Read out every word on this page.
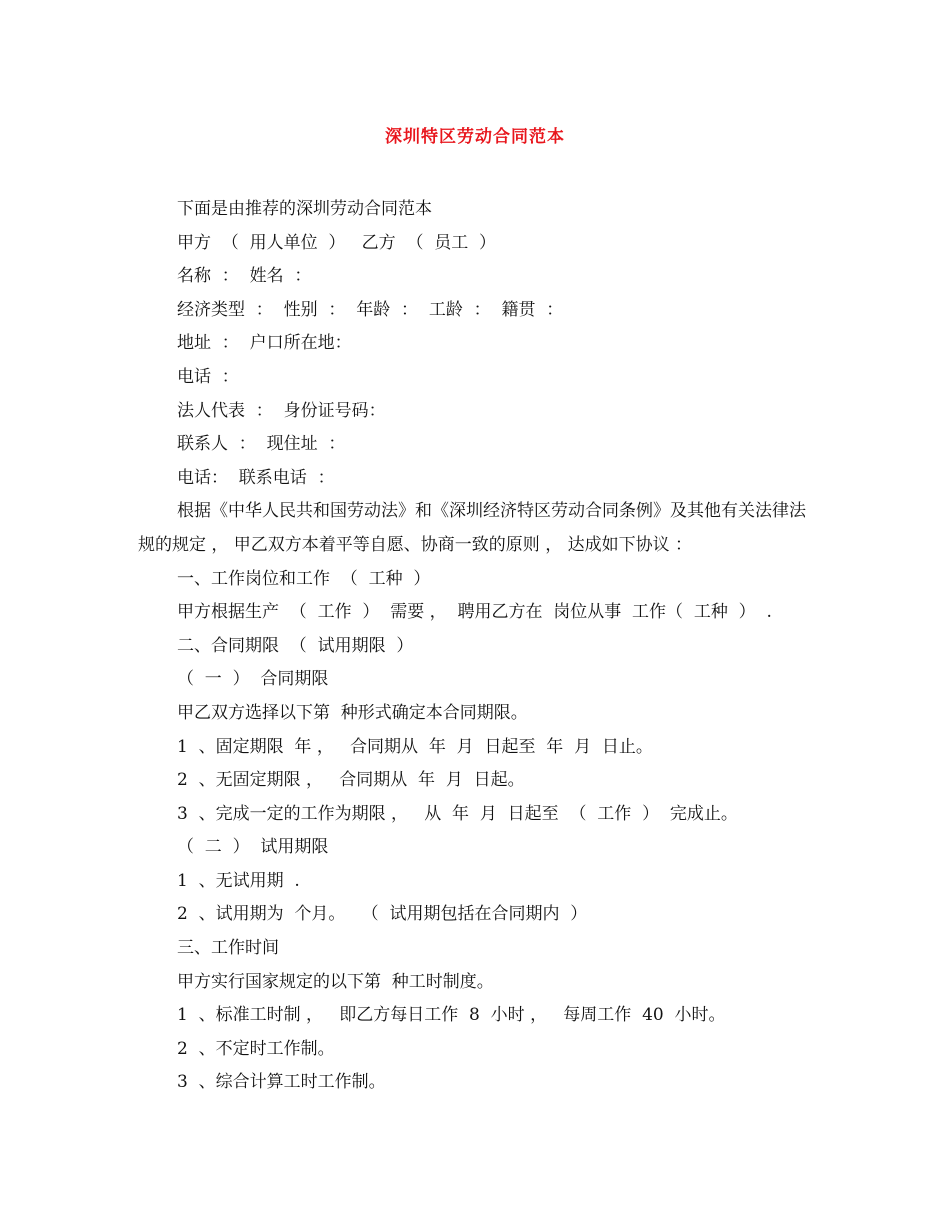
深圳特区劳动合同范本

下面是由推荐的深圳劳动合同范本

甲方  （  用人单位  ）   乙方  （  员工  ）

名称  ：  姓名  ：

经济类型  ：  性别  ：  年龄  ：  工龄  ：  籍贯  ：

地址  ：  户口所在地：

电话  ：

法人代表  ：  身份证号码：

联系人  ：  现住址  ：

电话：  联系电话  ：

根据《中华人民共和国劳动法》和《深圳经济特区劳动合同条例》及其他有关法律法规的规定 ， 甲乙双方本着平等自愿、协商一致的原则 ， 达成如下协议 ：

一、工作岗位和工作  （  工种  ）

甲方根据生产  （  工作  ）  需要 ，  聘用乙方在  岗位从事  工作（  工种  ）  .

二、合同期限  （  试用期限  ）

（  一  ）  合同期限

甲乙双方选择以下第  种形式确定本合同期限。

1  、固定期限  年 ，   合同期从  年  月  日起至  年  月  日止。

2  、无固定期限 ，   合同期从  年  月  日起。

3  、完成一定的工作为期限 ，   从  年  月  日起至  （  工作  ）  完成止。

（  二  ）  试用期限

1  、无试用期  .

2  、试用期为  个月。   （  试用期包括在合同期内  ）

三、工作时间

甲方实行国家规定的以下第  种工时制度。

1  、标准工时制 ，   即乙方每日工作  8  小时 ，   每周工作  40  小时。

2  、不定时工作制。

3  、综合计算工时工作制。
